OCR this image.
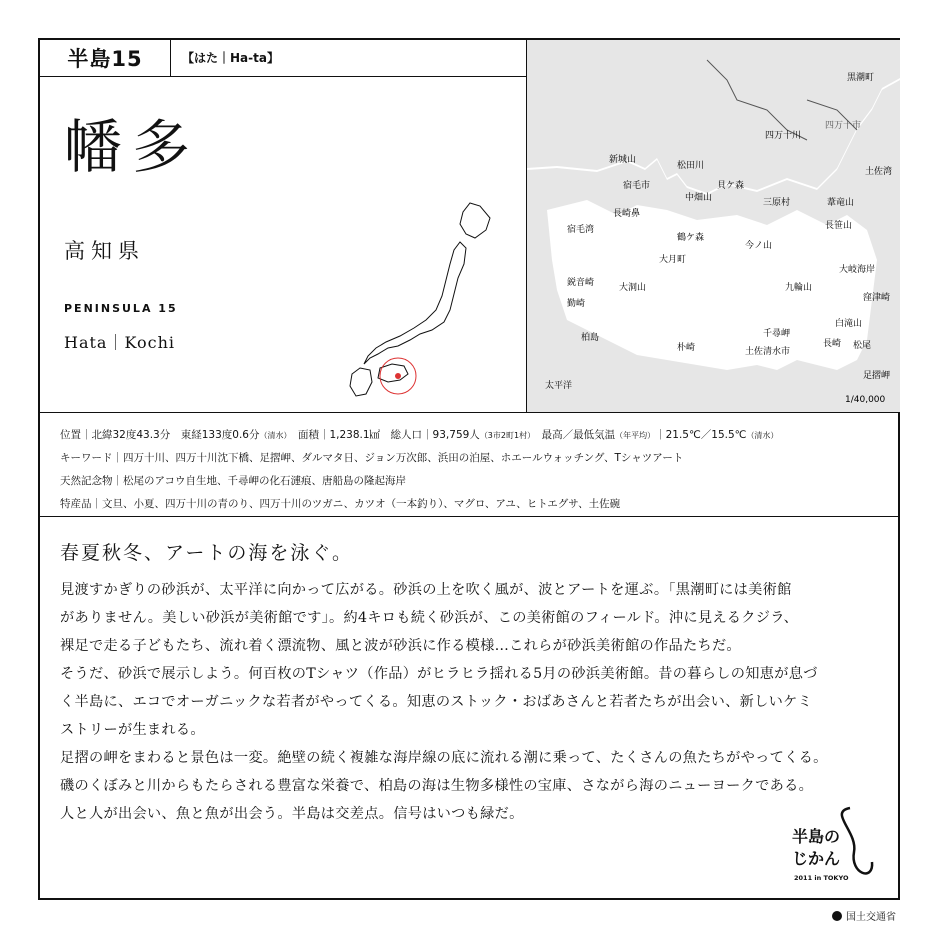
半島15	【はた｜Ha-ta】
幡多
高知県
PENINSULA 15
Hata｜Kochi
黒潮町
四万十市
四万十川
土佐湾
新城山
松田川
宿毛市
中畑山
貝ケ森
三原村	葦竜山
宿毛湾
長崎鼻
長笹山
鶴ケ森
今ノ山
大月町
大岐海岸
鋭音崎	大洞山	九輪山
窪津崎
勤崎
白滝山
千尋岬
柏島
朴崎	土佐清水市
長崎 松尾
足摺岬
太平洋
1/40,000
位置｜北緯32度43.3分　東経133度0.6分（清水）　面積｜1,238.1㎢　総人口｜93,759人（3市2町1村）　最高／最低気温（年平均）｜21.5℃／15.5℃（清水）
キーワード｜四万十川、四万十川沈下橋、足摺岬、ダルマタ日、ジョン万次郎、浜田の泊屋、ホエールウォッチング、Tシャツアート
天然記念物｜松尾のアコウ自生地、千尋岬の化石漣痕、唐船島の隆起海岸
特産品｜文旦、小夏、四万十川の青のり、四万十川のツガニ、カツオ（一本釣り）、マグロ、アユ、ヒトエグサ、土佐碗
春夏秋冬、アートの海を泳ぐ。

見渡すかぎりの砂浜が、太平洋に向かって広がる。砂浜の上を吹く風が、波とアートを運ぶ。「黒潮町には美術館

がありません。美しい砂浜が美術館です」。約4キロも続く砂浜が、この美術館のフィールド。沖に見えるクジラ、

裸足で走る子どもたち、流れ着く漂流物、風と波が砂浜に作る模様…これらが砂浜美術館の作品たちだ。

そうだ、砂浜で展示しよう。何百枚のTシャツ（作品）がヒラヒラ揺れる5月の砂浜美術館。昔の暮らしの知恵が息づ

く半島に、エコでオーガニックな若者がやってくる。知恵のストック・おばあさんと若者たちが出会い、新しいケミ

ストリーが生まれる。

足摺の岬をまわると景色は一変。絶壁の続く複雑な海岸線の底に流れる潮に乗って、たくさんの魚たちがやってくる。

磯のくぼみと川からもたらされる豊富な栄養で、柏島の海は生物多様性の宝庫、さながら海のニューヨークである。

人と人が出会い、魚と魚が出会う。半島は交差点。信号はいつも緑だ。

半島の
じかん
2011 in TOKYO
国土交通省
